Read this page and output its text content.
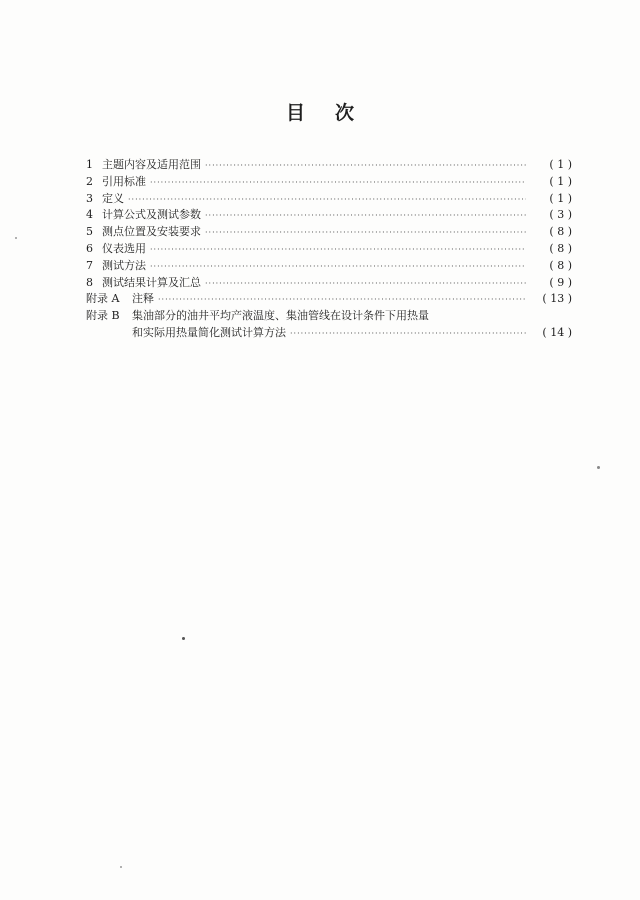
目 次
1 主题内容及适用范围 ·····	( 1 )
2 引用标准 ·····	( 1 )
3 定义 ·····	( 1 )
4 计算公式及测试参数 ·····	( 3 )
5 测点位置及安装要求 ·····	( 8 )
6 仪表选用 ·····	( 8 )
7 测试方法 ·····	( 8 )
8 测试结果计算及汇总 ·····	( 9 )
附录 A	注释 ·····	( 13 )
附录 B	集油部分的油井平均产液温度、集油管线在设计条件下用热量
和实际用热量简化测试计算方法 ·····	( 14 )
